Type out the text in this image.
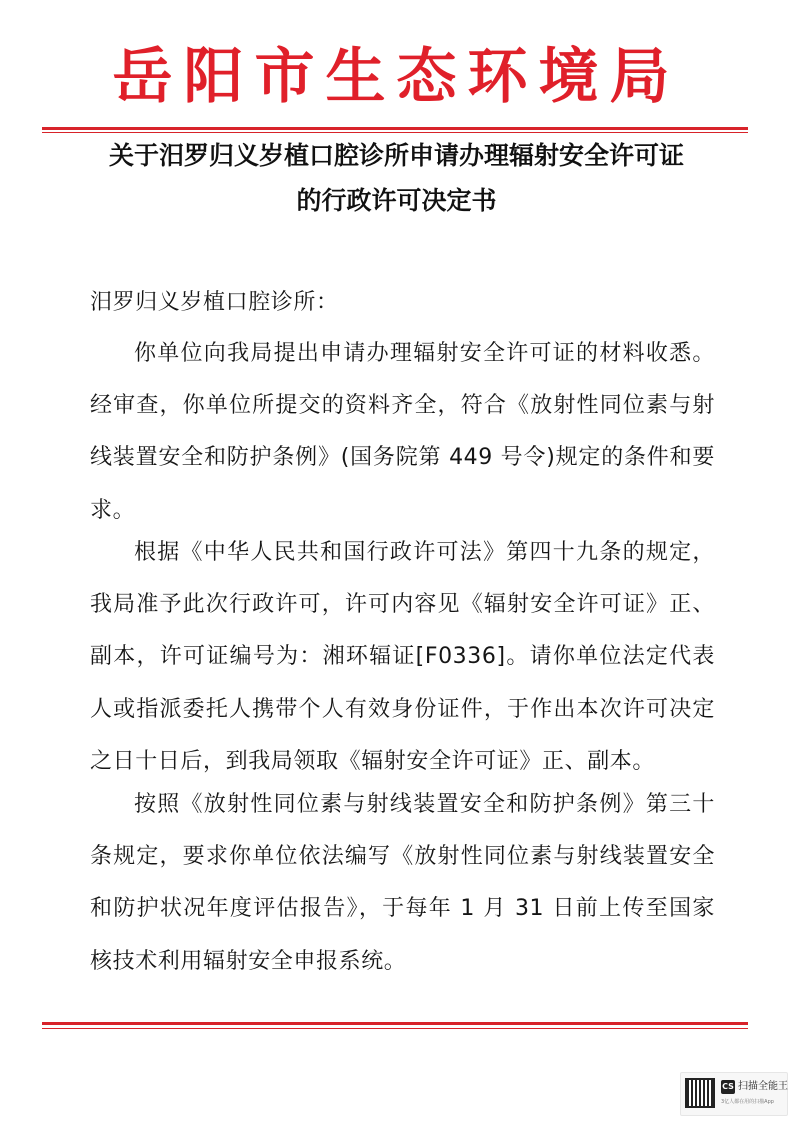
岳阳市生态环境局
关于汨罗归义岁植口腔诊所申请办理辐射安全许可证
的行政许可决定书

汨罗归义岁植口腔诊所：

你单位向我局提出申请办理辐射安全许可证的材料收悉。经审查，你单位所提交的资料齐全，符合《放射性同位素与射线装置安全和防护条例》(国务院第 449 号令)规定的条件和要求。

根据《中华人民共和国行政许可法》第四十九条的规定，我局准予此次行政许可，许可内容见《辐射安全许可证》正、副本，许可证编号为：湘环辐证[F0336]。请你单位法定代表人或指派委托人携带个人有效身份证件，于作出本次许可决定之日十日后，到我局领取《辐射安全许可证》正、副本。

按照《放射性同位素与射线装置安全和防护条例》第三十条规定，要求你单位依法编写《放射性同位素与射线装置安全和防护状况年度评估报告》，于每年 1 月 31 日前上传至国家核技术利用辐射安全申报系统。

CS 扫描全能王
3亿人都在用的扫描App
